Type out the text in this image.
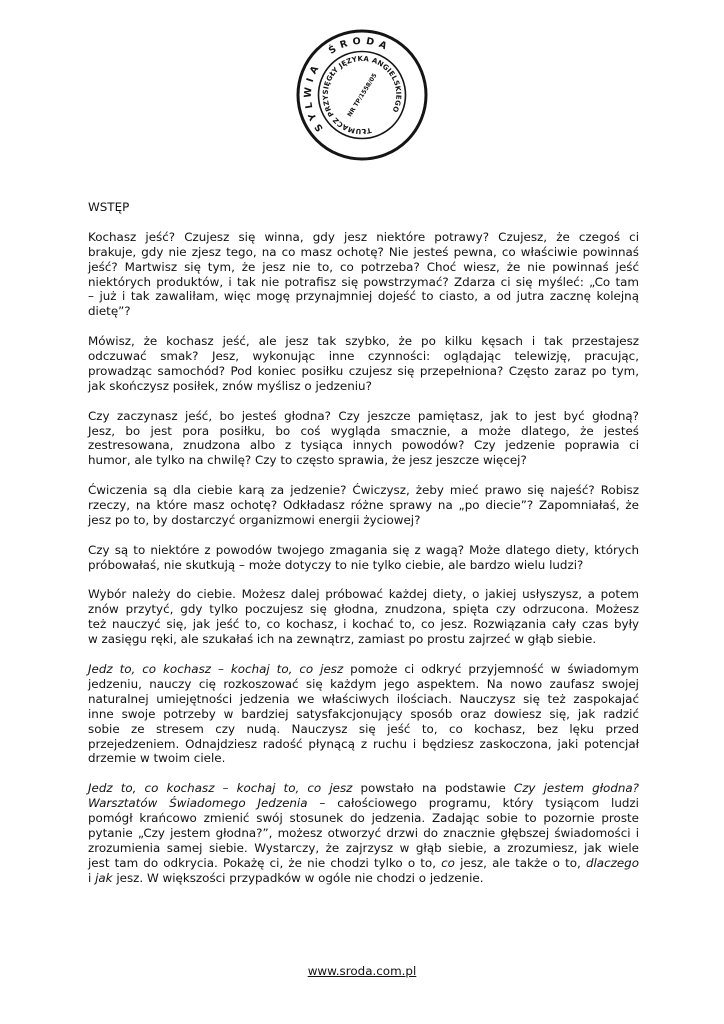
SYLWIA ŚRODA
TŁUMACZ PRZYSIĘGŁY JĘZYKA ANGIELSKIEGO
NR TP/1558/05
WSTĘP
Kochasz jeść? Czujesz się winna, gdy jesz niektóre potrawy? Czujesz, że czegoś ci
brakuje, gdy nie zjesz tego, na co masz ochotę? Nie jesteś pewna, co właściwie powinnaś
jeść? Martwisz się tym, że jesz nie to, co potrzeba? Choć wiesz, że nie powinnaś jeść
niektórych produktów, i tak nie potrafisz się powstrzymać? Zdarza ci się myśleć: „Co tam
– już i tak zawaliłam, więc mogę przynajmniej dojeść to ciasto, a od jutra zacznę kolejną
dietę”?
Mówisz, że kochasz jeść, ale jesz tak szybko, że po kilku kęsach i tak przestajesz
odczuwać smak? Jesz, wykonując inne czynności: oglądając telewizję, pracując,
prowadząc samochód? Pod koniec posiłku czujesz się przepełniona? Często zaraz po tym,
jak skończysz posiłek, znów myślisz o jedzeniu?
Czy zaczynasz jeść, bo jesteś głodna? Czy jeszcze pamiętasz, jak to jest być głodną?
Jesz, bo jest pora posiłku, bo coś wygląda smacznie, a może dlatego, że jesteś
zestresowana, znudzona albo z tysiąca innych powodów? Czy jedzenie poprawia ci
humor, ale tylko na chwilę? Czy to często sprawia, że jesz jeszcze więcej?
Ćwiczenia są dla ciebie karą za jedzenie? Ćwiczysz, żeby mieć prawo się najeść? Robisz
rzeczy, na które masz ochotę? Odkładasz różne sprawy na „po diecie”? Zapomniałaś, że
jesz po to, by dostarczyć organizmowi energii życiowej?
Czy są to niektóre z powodów twojego zmagania się z wagą? Może dlatego diety, których
próbowałaś, nie skutkują – może dotyczy to nie tylko ciebie, ale bardzo wielu ludzi?
Wybór należy do ciebie. Możesz dalej próbować każdej diety, o jakiej usłyszysz, a potem
znów przytyć, gdy tylko poczujesz się głodna, znudzona, spięta czy odrzucona. Możesz
też nauczyć się, jak jeść to, co kochasz, i kochać to, co jesz. Rozwiązania cały czas były
w zasięgu ręki, ale szukałaś ich na zewnątrz, zamiast po prostu zajrzeć w głąb siebie.
Jedz to, co kochasz – kochaj to, co jesz pomoże ci odkryć przyjemność w świadomym
jedzeniu, nauczy cię rozkoszować się każdym jego aspektem. Na nowo zaufasz swojej
naturalnej umiejętności jedzenia we właściwych ilościach. Nauczysz się też zaspokajać
inne swoje potrzeby w bardziej satysfakcjonujący sposób oraz dowiesz się, jak radzić
sobie ze stresem czy nudą. Nauczysz się jeść to, co kochasz, bez lęku przed
przejedzeniem. Odnajdziesz radość płynącą z ruchu i będziesz zaskoczona, jaki potencjał
drzemie w twoim ciele.
Jedz to, co kochasz – kochaj to, co jesz powstało na podstawie Czy jestem głodna?
Warsztatów Świadomego Jedzenia – całościowego programu, który tysiącom ludzi
pomógł krańcowo zmienić swój stosunek do jedzenia. Zadając sobie to pozornie proste
pytanie „Czy jestem głodna?”, możesz otworzyć drzwi do znacznie głębszej świadomości i
zrozumienia samej siebie. Wystarczy, że zajrzysz w głąb siebie, a zrozumiesz, jak wiele
jest tam do odkrycia. Pokażę ci, że nie chodzi tylko o to, co jesz, ale także o to, dlaczego
i jak jesz. W większości przypadków w ogóle nie chodzi o jedzenie.
www.sroda.com.pl
